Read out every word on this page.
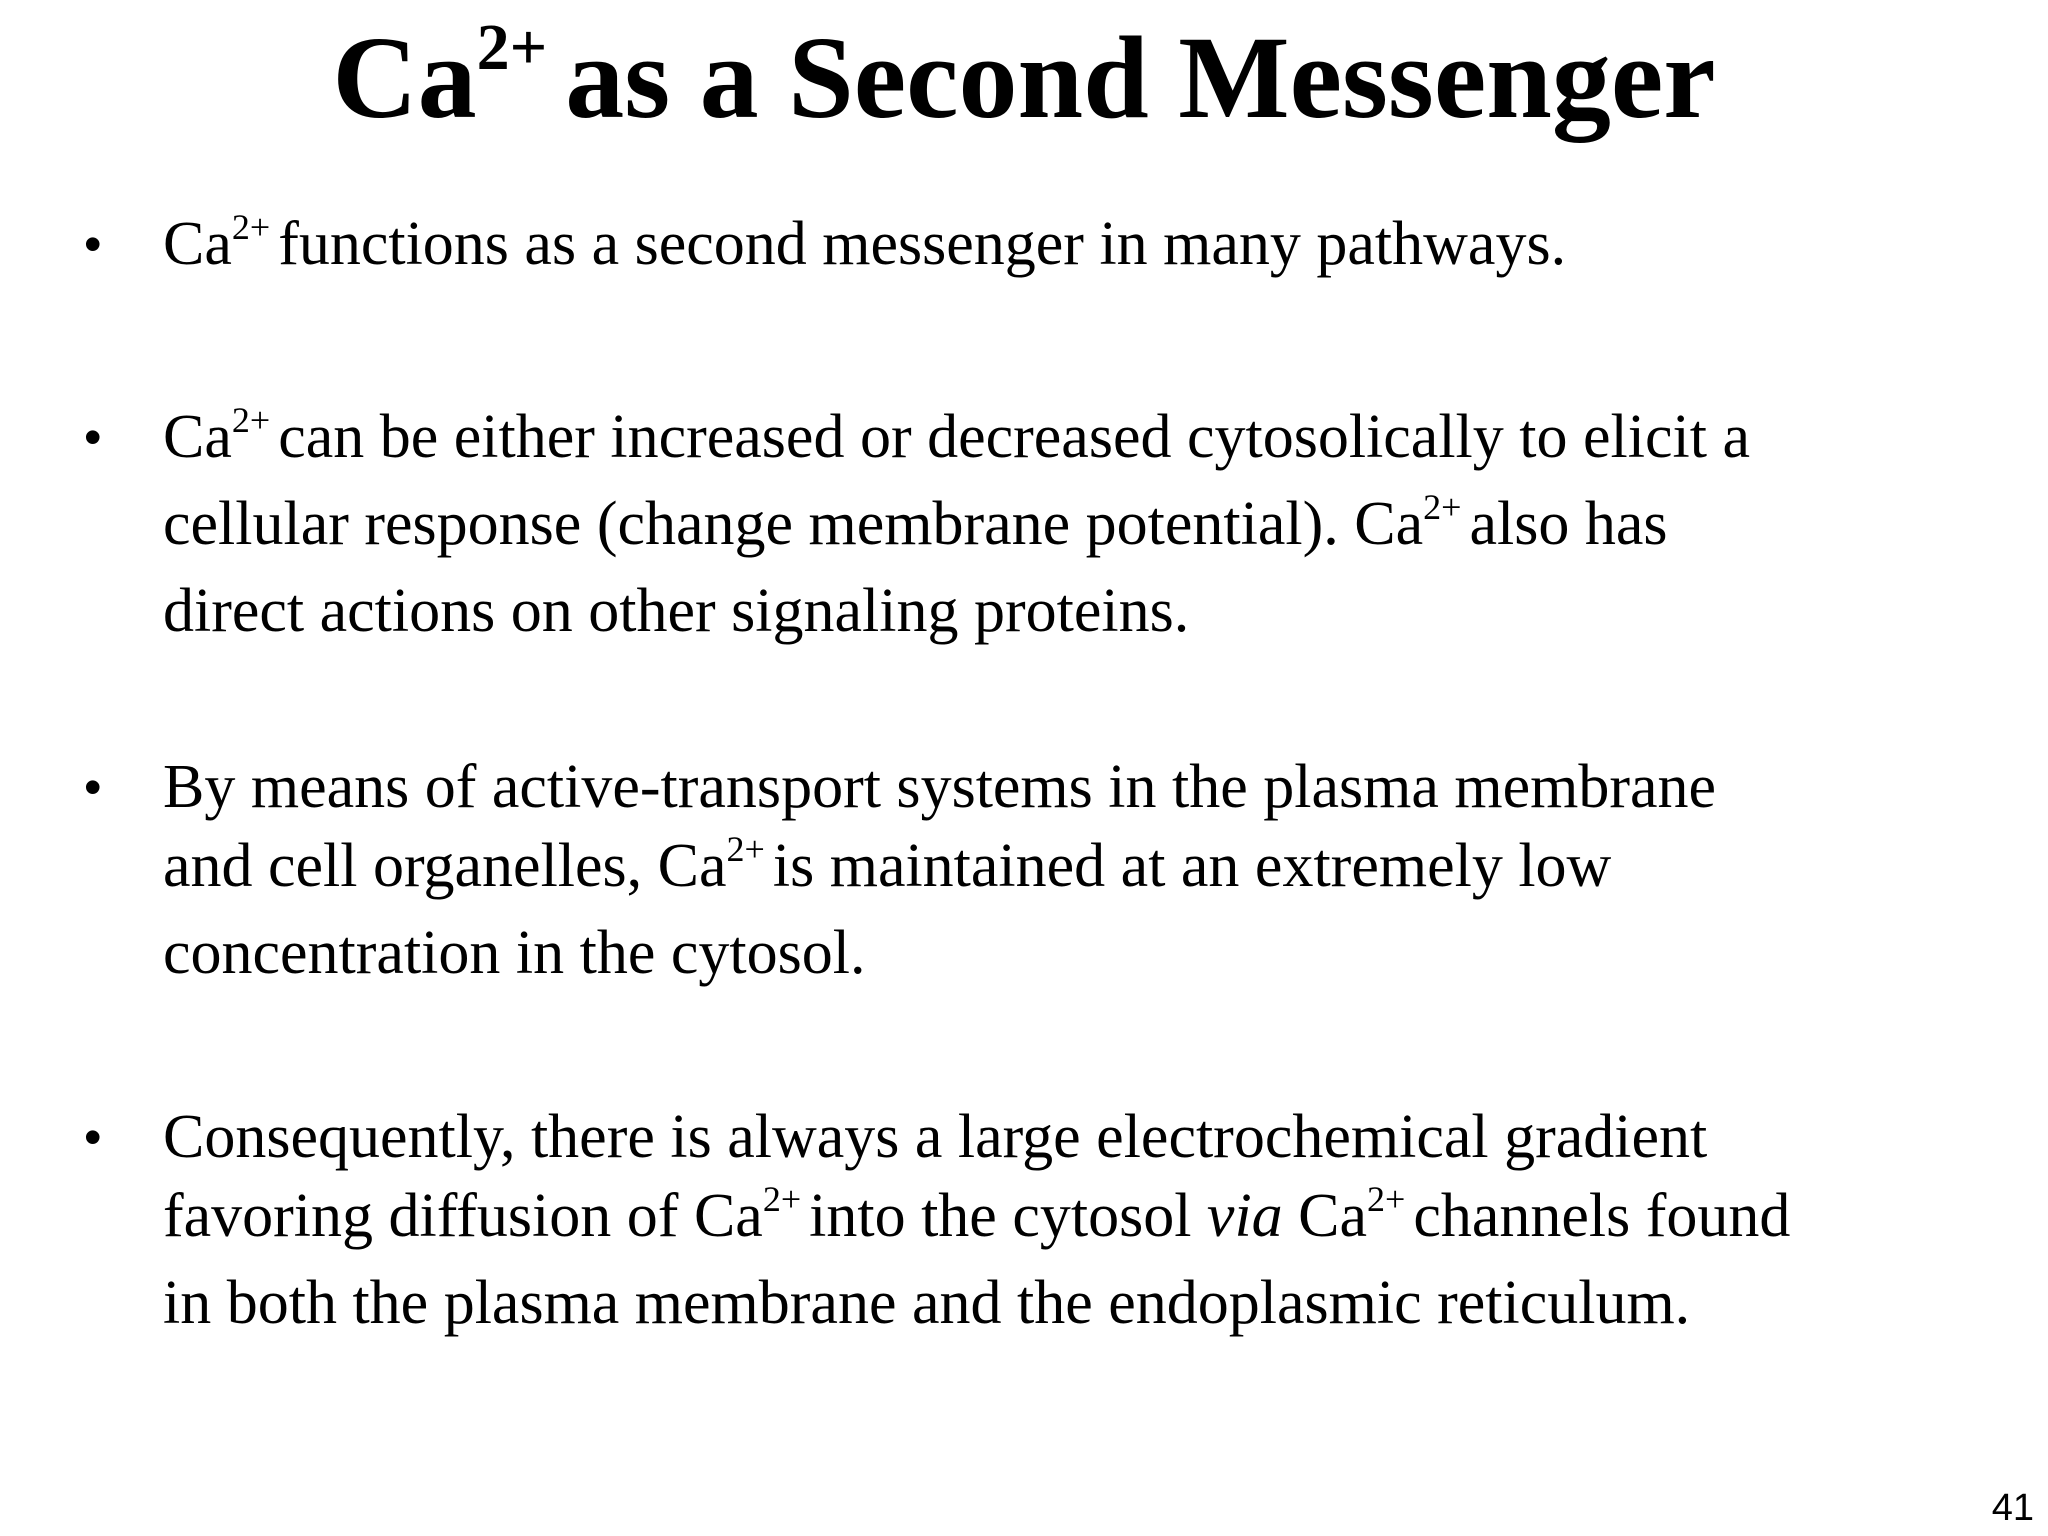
$Ca^{2+}$ as a Second Messenger
• $Ca^{2+}$ functions as a second messenger in many pathways.
• $Ca^{2+}$ can be either increased or decreased cytosolically to elicit a
cellular response (change membrane potential). $Ca^{2+}$ also has
direct actions on other signaling proteins.
• By means of active-transport systems in the plasma membrane
and cell organelles, $Ca^{2+}$ is maintained at an extremely low
concentration in the cytosol.
• Consequently, there is always a large electrochemical gradient
favoring diffusion of $Ca^{2+}$ into the cytosol via $Ca^{2+}$ channels found
in both the plasma membrane and the endoplasmic reticulum.
41
